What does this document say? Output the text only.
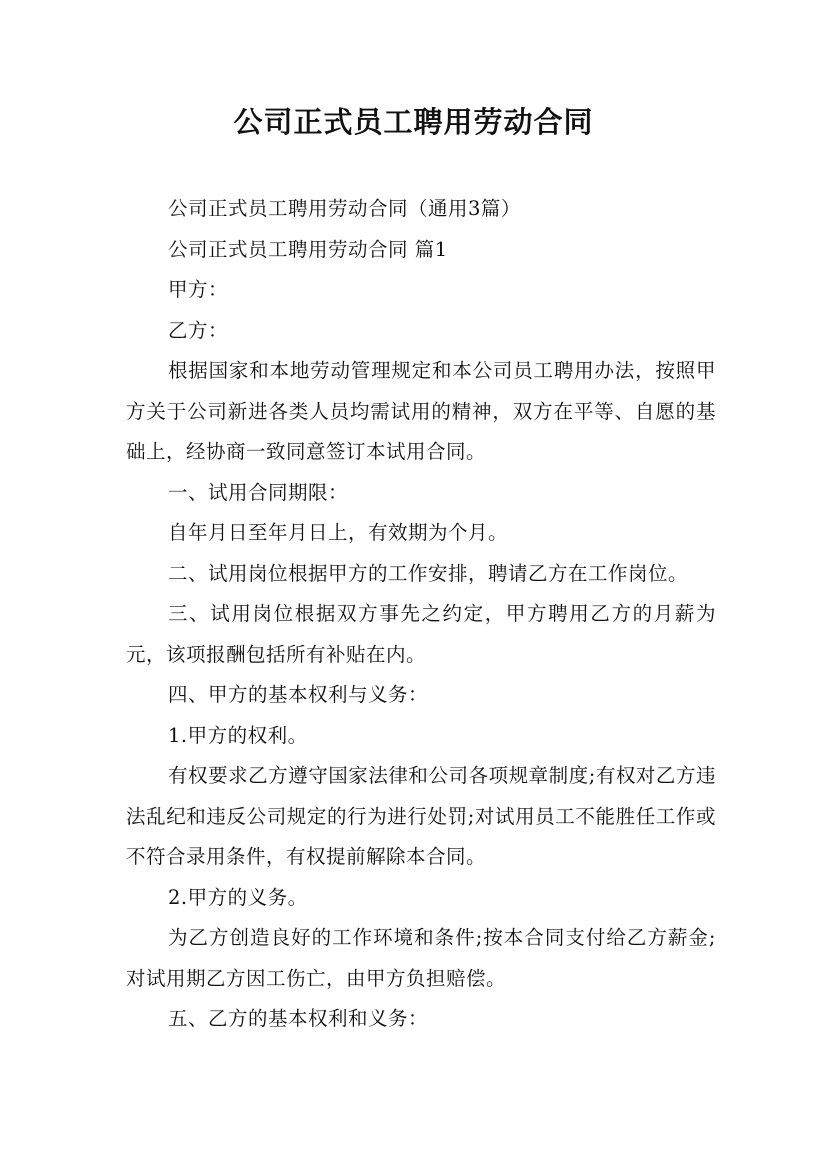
公司正式员工聘用劳动合同

公司正式员工聘用劳动合同（通用3篇）

公司正式员工聘用劳动合同 篇1

甲方：

乙方：

根据国家和本地劳动管理规定和本公司员工聘用办法，按照甲方关于公司新进各类人员均需试用的精神，双方在平等、自愿的基础上，经协商一致同意签订本试用合同。

一、试用合同期限：

自年月日至年月日上，有效期为个月。

二、试用岗位根据甲方的工作安排，聘请乙方在工作岗位。

三、试用岗位根据双方事先之约定，甲方聘用乙方的月薪为元，该项报酬包括所有补贴在内。

四、甲方的基本权利与义务：

1.甲方的权利。

有权要求乙方遵守国家法律和公司各项规章制度;有权对乙方违法乱纪和违反公司规定的行为进行处罚;对试用员工不能胜任工作或不符合录用条件，有权提前解除本合同。

2.甲方的义务。

为乙方创造良好的工作环境和条件;按本合同支付给乙方薪金;对试用期乙方因工伤亡，由甲方负担赔偿。

五、乙方的基本权利和义务：
